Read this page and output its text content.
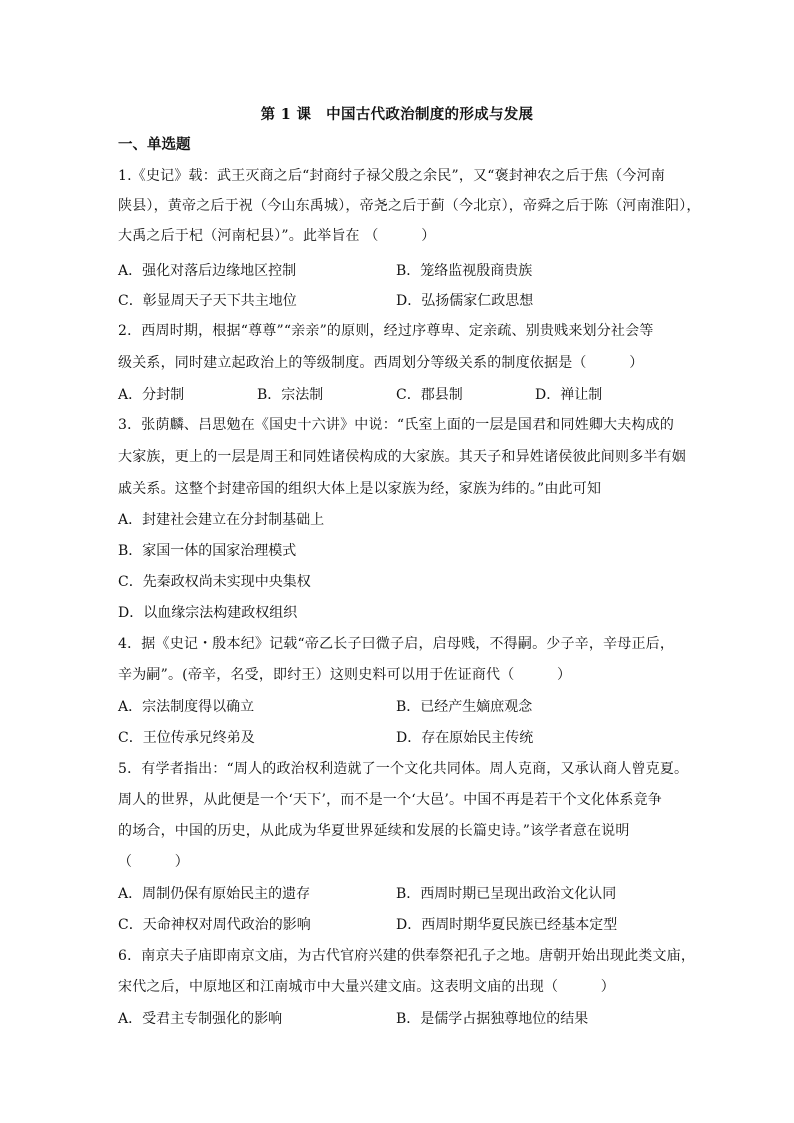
第 1 课　中国古代政治制度的形成与发展
一、单选题
1.《史记》载：武王灭商之后“封商纣子禄父殷之余民”，又“褒封神农之后于焦（今河南
陕县），黄帝之后于祝（今山东禹城），帝尧之后于蓟（今北京），帝舜之后于陈（河南淮阳），
大禹之后于杞（河南杞县）”。此举旨在 （　　　）
A．强化对落后边缘地区控制	B．笼络监视殷商贵族
C．彰显周天子天下共主地位	D．弘扬儒家仁政思想
2．西周时期，根据“尊尊”“亲亲”的原则，经过序尊卑、定亲疏、别贵贱来划分社会等
级关系，同时建立起政治上的等级制度。西周划分等级关系的制度依据是（　　　）
A．分封制	B．宗法制	C．郡县制	D．禅让制
3．张荫麟、吕思勉在《国史十六讲》中说：“氏室上面的一层是国君和同姓卿大夫构成的
大家族，更上的一层是周王和同姓诸侯构成的大家族。其天子和异姓诸侯彼此间则多半有姻
戚关系。这整个封建帝国的组织大体上是以家族为经，家族为纬的。”由此可知
A．封建社会建立在分封制基础上
B．家国一体的国家治理模式
C．先秦政权尚未实现中央集权
D．以血缘宗法构建政权组织
4．据《史记・殷本纪》记载“帝乙长子曰微子启，启母贱，不得嗣。少子辛，辛母正后，
辛为嗣”。(帝辛，名受，即纣王）这则史料可以用于佐证商代（　　　）
A．宗法制度得以确立	B．已经产生嫡庶观念
C．王位传承兄终弟及	D．存在原始民主传统
5．有学者指出：“周人的政治权利造就了一个文化共同体。周人克商，又承认商人曾克夏。
周人的世界，从此便是一个‘天下’，而不是一个‘大邑’。中国不再是若干个文化体系竞争
的场合，中国的历史，从此成为华夏世界延续和发展的长篇史诗。”该学者意在说明
（　　　）
A．周制仍保有原始民主的遗存	B．西周时期已呈现出政治文化认同
C．天命神权对周代政治的影响	D．西周时期华夏民族已经基本定型
6．南京夫子庙即南京文庙，为古代官府兴建的供奉祭祀孔子之地。唐朝开始出现此类文庙，
宋代之后，中原地区和江南城市中大量兴建文庙。这表明文庙的出现（　　　）
A．受君主专制强化的影响	B．是儒学占据独尊地位的结果
